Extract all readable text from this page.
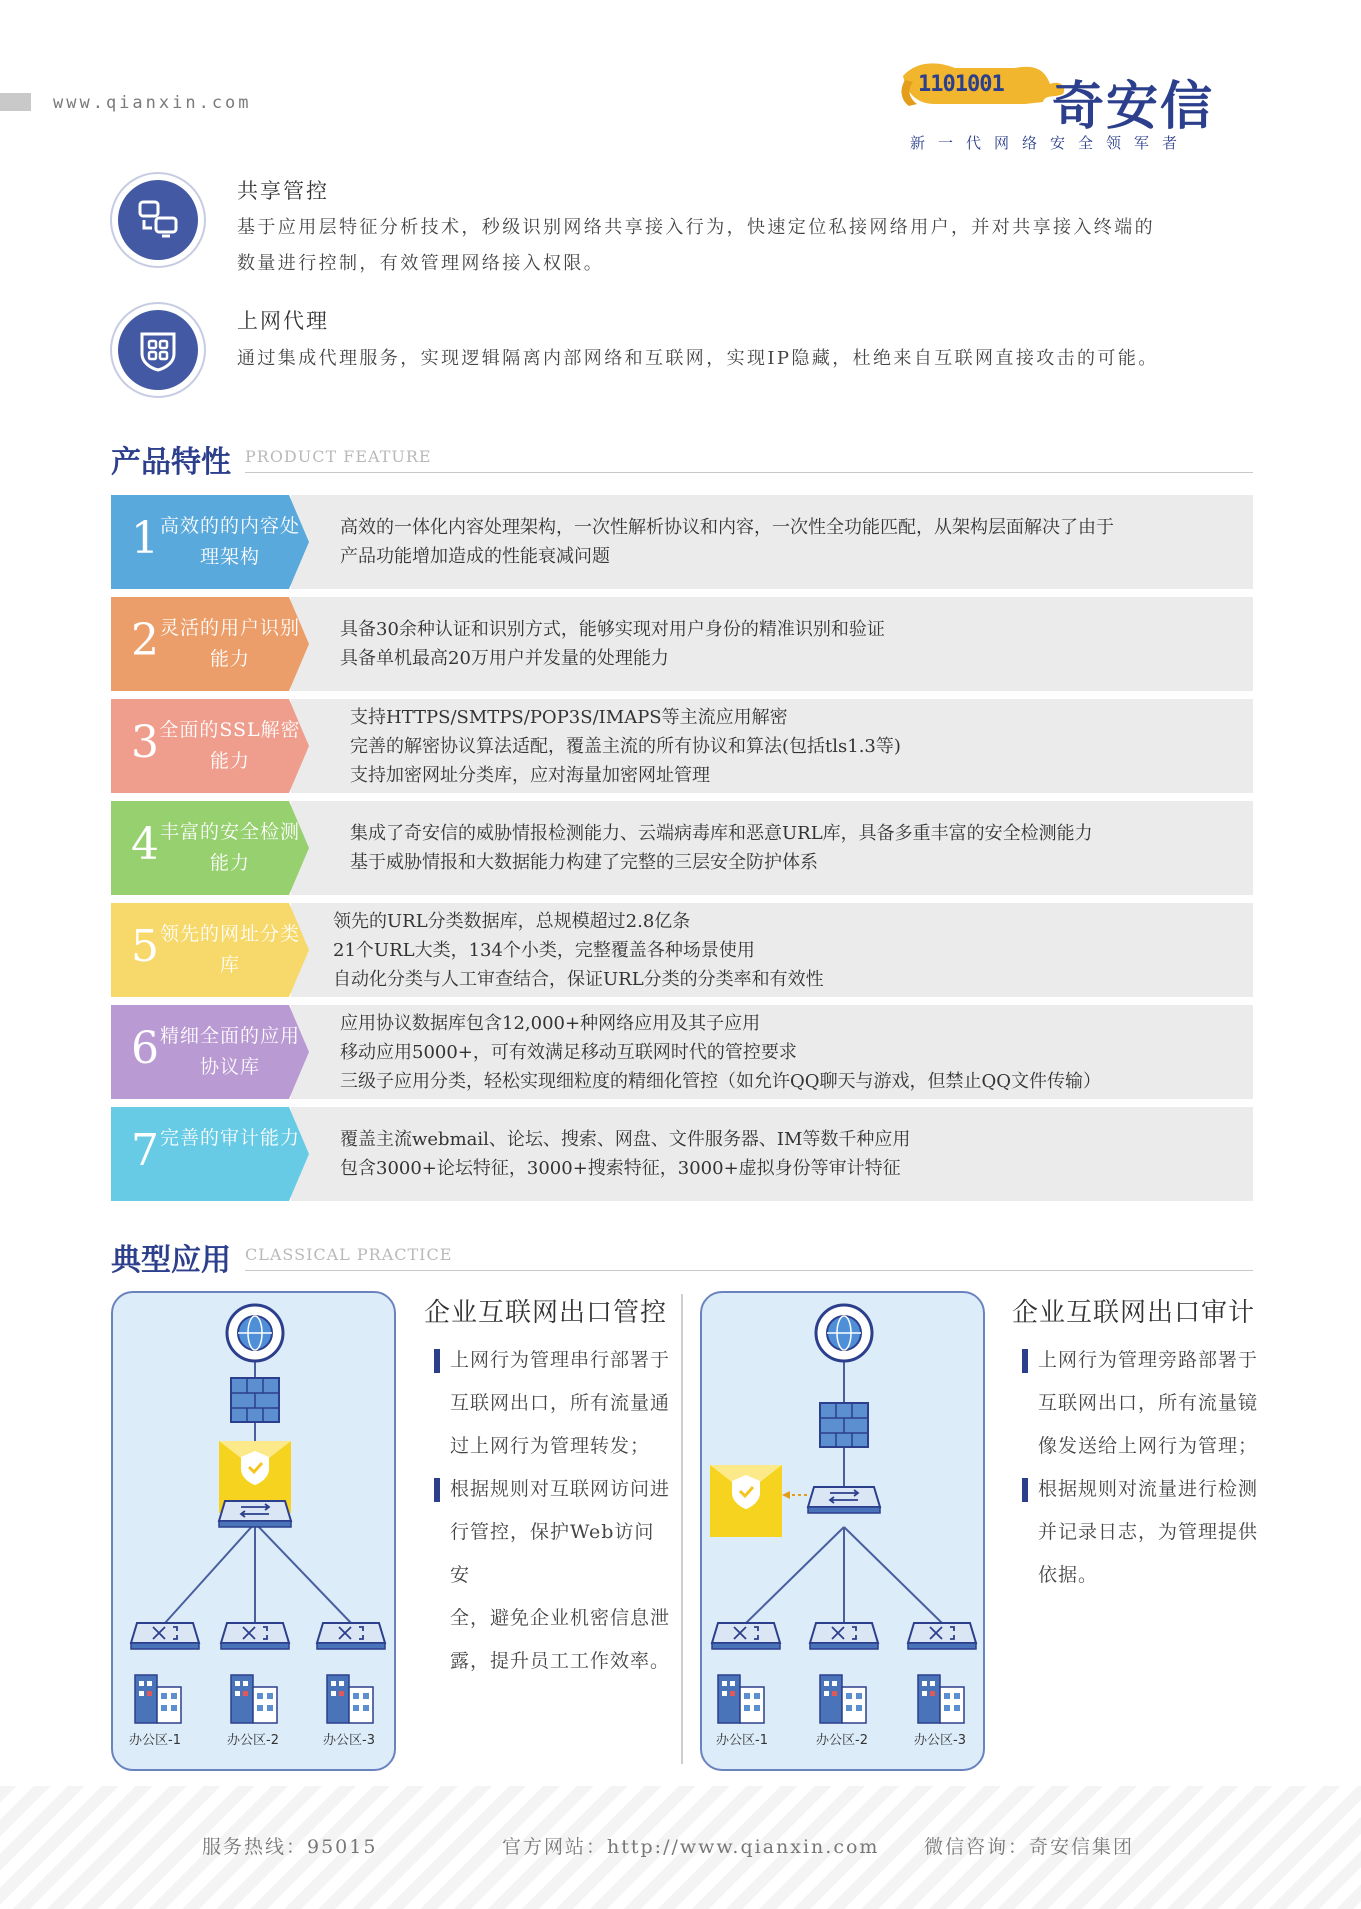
www.qianxin.com
1101001 奇安信
新一代网络安全领军者
共享管控
基于应用层特征分析技术，秒级识别网络共享接入行为，快速定位私接网络用户，并对共享接入终端的
数量进行控制，有效管理网络接入权限。
上网代理
通过集成代理服务，实现逻辑隔离内部网络和互联网，实现IP隐藏，杜绝来自互联网直接攻击的可能。
产品特性 PRODUCT FEATURE
1 高效的的内容处理架构
高效的一体化内容处理架构，一次性解析协议和内容，一次性全功能匹配，从架构层面解决了由于
产品功能增加造成的性能衰减问题
2 灵活的用户识别能力
具备30余种认证和识别方式，能够实现对用户身份的精准识别和验证
具备单机最高20万用户并发量的处理能力
3 全面的SSL解密能力
支持HTTPS/SMTPS/POP3S/IMAPS等主流应用解密
完善的解密协议算法适配，覆盖主流的所有协议和算法(包括tls1.3等)
支持加密网址分类库，应对海量加密网址管理
4 丰富的安全检测能力
集成了奇安信的威胁情报检测能力、云端病毒库和恶意URL库，具备多重丰富的安全检测能力
基于威胁情报和大数据能力构建了完整的三层安全防护体系
5 领先的网址分类库
领先的URL分类数据库，总规模超过2.8亿条
21个URL大类，134个小类，完整覆盖各种场景使用
自动化分类与人工审查结合，保证URL分类的分类率和有效性
6 精细全面的应用协议库
应用协议数据库包含12,000+种网络应用及其子应用
移动应用5000+，可有效满足移动互联网时代的管控要求
三级子应用分类，轻松实现细粒度的精细化管控（如允许QQ聊天与游戏，但禁止QQ文件传输）
7 完善的审计能力 覆盖主流webmail、论坛、搜索、网盘、文件服务器、IM等数千种应用
包含3000+论坛特征，3000+搜索特征，3000+虚拟身份等审计特征
典型应用 CLASSICAL PRACTICE
办公区-1	办公区-2	办公区-3
企业互联网出口管控
上网行为管理串行部署于
互联网出口，所有流量通
过上网行为管理转发；
根据规则对互联网访问进
行管控，保护Web访问安
全，避免企业机密信息泄
露，提升员工工作效率。
办公区-1	办公区-2	办公区-3
企业互联网出口审计
上网行为管理旁路部署于
互联网出口，所有流量镜
像发送给上网行为管理；
根据规则对流量进行检测
并记录日志，为管理提供
依据。
服务热线：95015	官方网站：http://www.qianxin.com 微信咨询：奇安信集团
